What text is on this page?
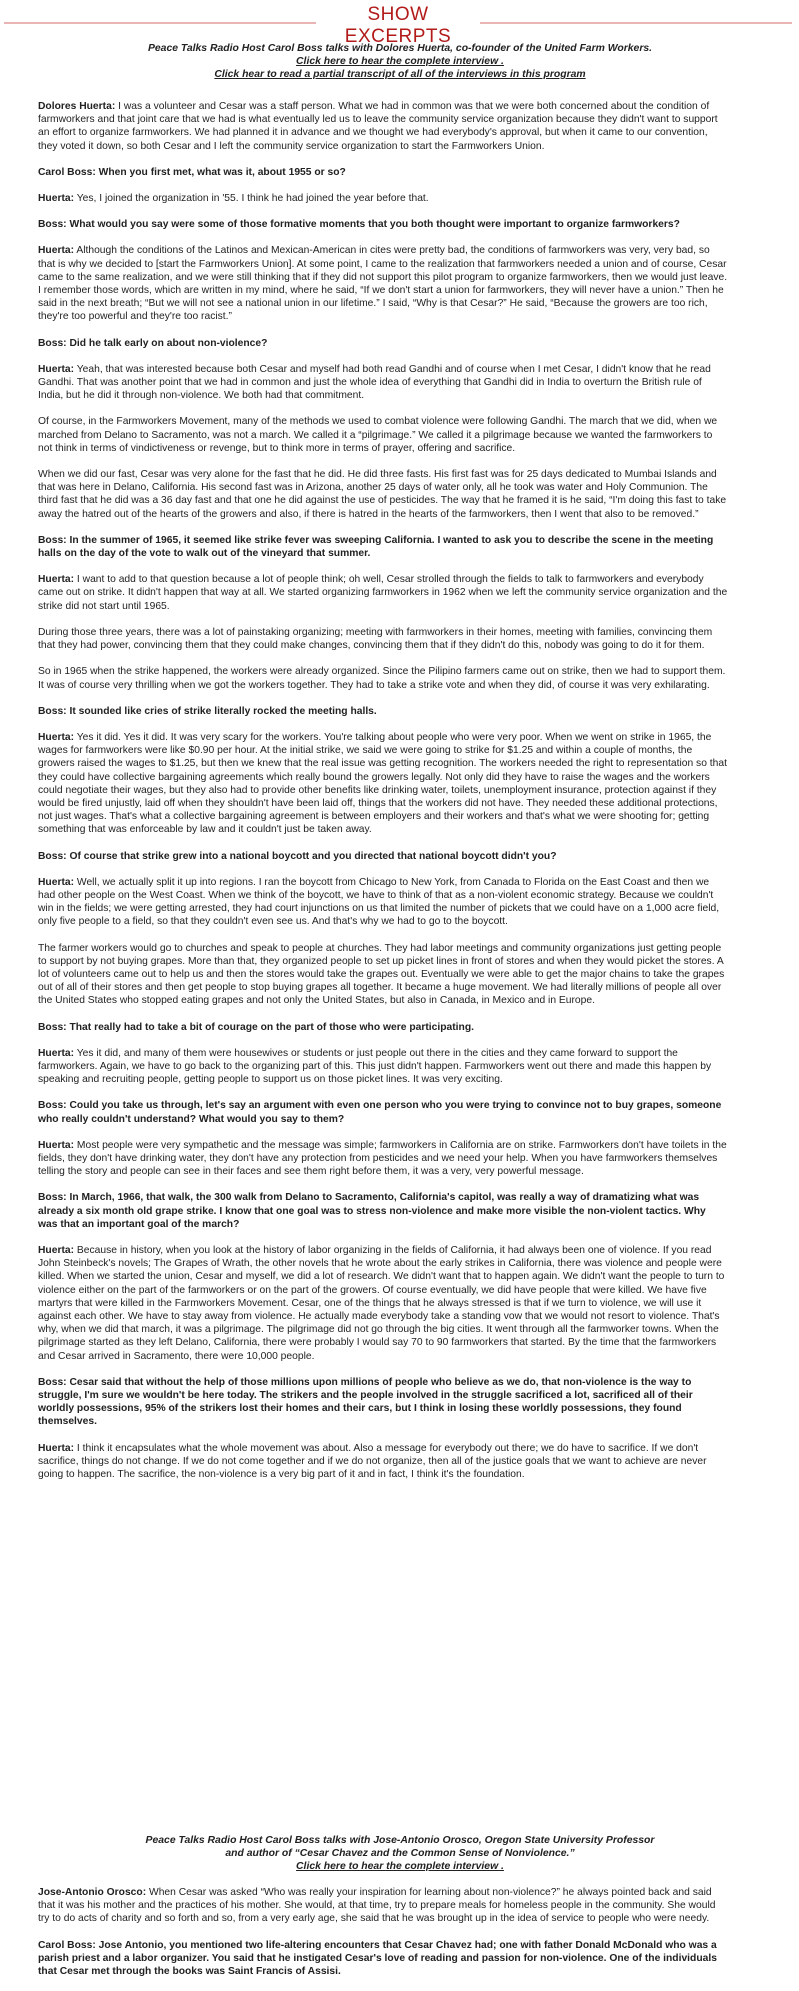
SHOW EXCERPTS
Peace Talks Radio Host Carol Boss talks with Dolores Huerta, co-founder of the United Farm Workers.
Click here to hear the complete interview .
Click hear to read a partial transcript of all of the interviews in this program

Dolores Huerta: I was a volunteer and Cesar was a staff person. What we had in common was that we were both concerned about the condition of farmworkers and that joint care that we had is what eventually led us to leave the community service organization because they didn't want to support an effort to organize farmworkers. We had planned it in advance and we thought we had everybody's approval, but when it came to our convention, they voted it down, so both Cesar and I left the community service organization to start the Farmworkers Union.

Carol Boss: When you first met, what was it, about 1955 or so?

Huerta: Yes, I joined the organization in '55. I think he had joined the year before that.

Boss: What would you say were some of those formative moments that you both thought were important to organize farmworkers?

Huerta: Although the conditions of the Latinos and Mexican-American in cites were pretty bad, the conditions of farmworkers was very, very bad, so that is why we decided to [start the Farmworkers Union]. At some point, I came to the realization that farmworkers needed a union and of course, Cesar came to the same realization, and we were still thinking that if they did not support this pilot program to organize farmworkers, then we would just leave. I remember those words, which are written in my mind, where he said, “If we don't start a union for farmworkers, they will never have a union.” Then he said in the next breath; “But we will not see a national union in our lifetime.” I said, “Why is that Cesar?” He said, “Because the growers are too rich, they're too powerful and they're too racist.”

Boss: Did he talk early on about non-violence?

Huerta: Yeah, that was interested because both Cesar and myself had both read Gandhi and of course when I met Cesar, I didn't know that he read Gandhi. That was another point that we had in common and just the whole idea of everything that Gandhi did in India to overturn the British rule of India, but he did it through non-violence. We both had that commitment.

Of course, in the Farmworkers Movement, many of the methods we used to combat violence were following Gandhi. The march that we did, when we marched from Delano to Sacramento, was not a march. We called it a “pilgrimage.” We called it a pilgrimage because we wanted the farmworkers to not think in terms of vindictiveness or revenge, but to think more in terms of prayer, offering and sacrifice.

When we did our fast, Cesar was very alone for the fast that he did. He did three fasts. His first fast was for 25 days dedicated to Mumbai Islands and that was here in Delano, California. His second fast was in Arizona, another 25 days of water only, all he took was water and Holy Communion. The third fast that he did was a 36 day fast and that one he did against the use of pesticides. The way that he framed it is he said, “I'm doing this fast to take away the hatred out of the hearts of the growers and also, if there is hatred in the hearts of the farmworkers, then I went that also to be removed.”

Boss: In the summer of 1965, it seemed like strike fever was sweeping California. I wanted to ask you to describe the scene in the meeting halls on the day of the vote to walk out of the vineyard that summer.

Huerta: I want to add to that question because a lot of people think; oh well, Cesar strolled through the fields to talk to farmworkers and everybody came out on strike. It didn't happen that way at all. We started organizing farmworkers in 1962 when we left the community service organization and the strike did not start until 1965.

During those three years, there was a lot of painstaking organizing; meeting with farmworkers in their homes, meeting with families, convincing them that they had power, convincing them that they could make changes, convincing them that if they didn't do this, nobody was going to do it for them.

So in 1965 when the strike happened, the workers were already organized. Since the Pilipino farmers came out on strike, then we had to support them. It was of course very thrilling when we got the workers together. They had to take a strike vote and when they did, of course it was very exhilarating.

Boss: It sounded like cries of strike literally rocked the meeting halls.

Huerta: Yes it did. Yes it did. It was very scary for the workers. You're talking about people who were very poor. When we went on strike in 1965, the wages for farmworkers were like $0.90 per hour. At the initial strike, we said we were going to strike for $1.25 and within a couple of months, the growers raised the wages to $1.25, but then we knew that the real issue was getting recognition. The workers needed the right to representation so that they could have collective bargaining agreements which really bound the growers legally. Not only did they have to raise the wages and the workers could negotiate their wages, but they also had to provide other benefits like drinking water, toilets, unemployment insurance, protection against if they would be fired unjustly, laid off when they shouldn't have been laid off, things that the workers did not have. They needed these additional protections, not just wages. That's what a collective bargaining agreement is between employers and their workers and that's what we were shooting for; getting something that was enforceable by law and it couldn't just be taken away.

Boss: Of course that strike grew into a national boycott and you directed that national boycott didn't you?

Huerta: Well, we actually split it up into regions. I ran the boycott from Chicago to New York, from Canada to Florida on the East Coast and then we had other people on the West Coast. When we think of the boycott, we have to think of that as a non-violent economic strategy. Because we couldn't win in the fields; we were getting arrested, they had court injunctions on us that limited the number of pickets that we could have on a 1,000 acre field, only five people to a field, so that they couldn't even see us. And that's why we had to go to the boycott.

The farmer workers would go to churches and speak to people at churches. They had labor meetings and community organizations just getting people to support by not buying grapes. More than that, they organized people to set up picket lines in front of stores and when they would picket the stores. A lot of volunteers came out to help us and then the stores would take the grapes out. Eventually we were able to get the major chains to take the grapes out of all of their stores and then get people to stop buying grapes all together. It became a huge movement. We had literally millions of people all over the United States who stopped eating grapes and not only the United States, but also in Canada, in Mexico and in Europe.

Boss: That really had to take a bit of courage on the part of those who were participating.

Huerta: Yes it did, and many of them were housewives or students or just people out there in the cities and they came forward to support the farmworkers. Again, we have to go back to the organizing part of this. This just didn't happen. Farmworkers went out there and made this happen by speaking and recruiting people, getting people to support us on those picket lines. It was very exciting.

Boss: Could you take us through, let's say an argument with even one person who you were trying to convince not to buy grapes, someone who really couldn't understand? What would you say to them?

Huerta: Most people were very sympathetic and the message was simple; farmworkers in California are on strike. Farmworkers don't have toilets in the fields, they don't have drinking water, they don't have any protection from pesticides and we need your help. When you have farmworkers themselves telling the story and people can see in their faces and see them right before them, it was a very, very powerful message.

Boss: In March, 1966, that walk, the 300 walk from Delano to Sacramento, California's capitol, was really a way of dramatizing what was already a six month old grape strike. I know that one goal was to stress non-violence and make more visible the non-violent tactics. Why was that an important goal of the march?

Huerta: Because in history, when you look at the history of labor organizing in the fields of California, it had always been one of violence. If you read John Steinbeck's novels; The Grapes of Wrath, the other novels that he wrote about the early strikes in California, there was violence and people were killed. When we started the union, Cesar and myself, we did a lot of research. We didn't want that to happen again. We didn't want the people to turn to violence either on the part of the farmworkers or on the part of the growers. Of course eventually, we did have people that were killed. We have five martyrs that were killed in the Farmworkers Movement. Cesar, one of the things that he always stressed is that if we turn to violence, we will use it against each other. We have to stay away from violence. He actually made everybody take a standing vow that we would not resort to violence. That's why, when we did that march, it was a pilgrimage. The pilgrimage did not go through the big cities. It went through all the farmworker towns. When the pilgrimage started as they left Delano, California, there were probably I would say 70 to 90 farmworkers that started. By the time that the farmworkers and Cesar arrived in Sacramento, there were 10,000 people.

Boss: Cesar said that without the help of those millions upon millions of people who believe as we do, that non-violence is the way to struggle, I'm sure we wouldn't be here today. The strikers and the people involved in the struggle sacrificed a lot, sacrificed all of their worldly possessions, 95% of the strikers lost their homes and their cars, but I think in losing these worldly possessions, they found themselves.

Huerta: I think it encapsulates what the whole movement was about. Also a message for everybody out there; we do have to sacrifice. If we don't sacrifice, things do not change. If we do not come together and if we do not organize, then all of the justice goals that we want to achieve are never going to happen. The sacrifice, the non-violence is a very big part of it and in fact, I think it's the foundation.

Peace Talks Radio Host Carol Boss talks with Jose-Antonio Orosco, Oregon State University Professor
and author of “Cesar Chavez and the Common Sense of Nonviolence.”
Click here to hear the complete interview .

Jose-Antonio Orosco: When Cesar was asked “Who was really your inspiration for learning about non-violence?” he always pointed back and said that it was his mother and the practices of his mother. She would, at that time, try to prepare meals for homeless people in the community. She would try to do acts of charity and so forth and so, from a very early age, she said that he was brought up in the idea of service to people who were needy.

Carol Boss: Jose Antonio, you mentioned two life-altering encounters that Cesar Chavez had; one with father Donald McDonald who was a parish priest and a labor organizer. You said that he instigated Cesar's love of reading and passion for non-violence. One of the individuals that Cesar met through the books was Saint Francis of Assisi.
